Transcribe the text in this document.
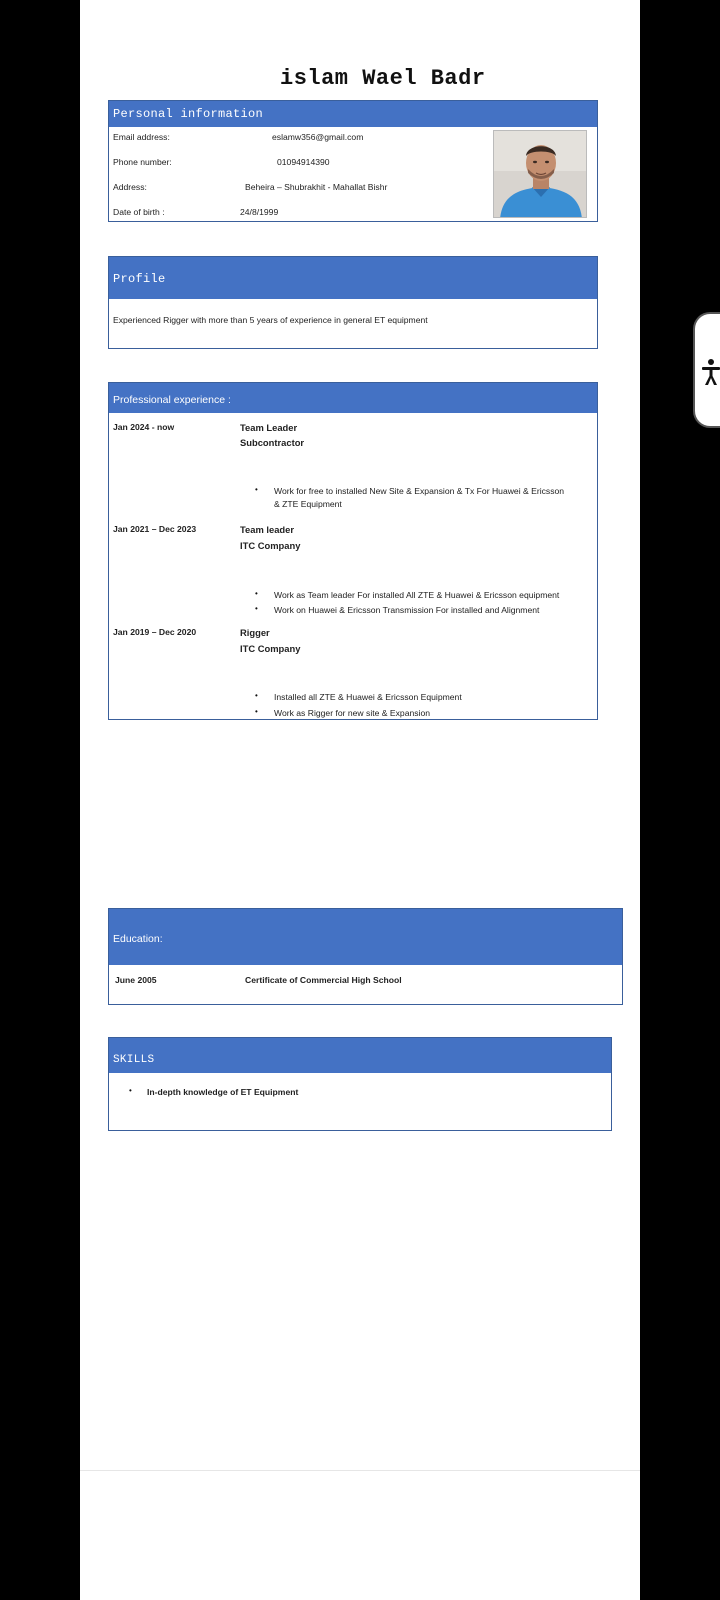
islam Wael Badr
Personal information
Email address:	eslamw356@gmail.com
Phone number:	01094914390
Address:	Beheira – Shubrakhit - Mahallat Bishr
Date of birth :	24/8/1999
Profile
Experienced Rigger with more than 5 years of experience in general ET equipment
Professional experience :
Jan 2024 - now	Team Leader
Subcontractor
• Work for free to installed New Site & Expansion & Tx For Huawei & Ericsson
& ZTE Equipment
Jan 2021 – Dec 2023	Team leader
ITC Company
• Work as Team leader For installed All ZTE & Huawei & Ericsson equipment
• Work on Huawei & Ericsson Transmission For installed and Alignment
Jan 2019 – Dec 2020	Rigger
ITC Company
• Installed all ZTE & Huawei & Ericsson Equipment
• Work as Rigger for new site & Expansion
Education:
June 2005	Certificate of Commercial High School
SKILLS
• In-depth knowledge of ET Equipment
